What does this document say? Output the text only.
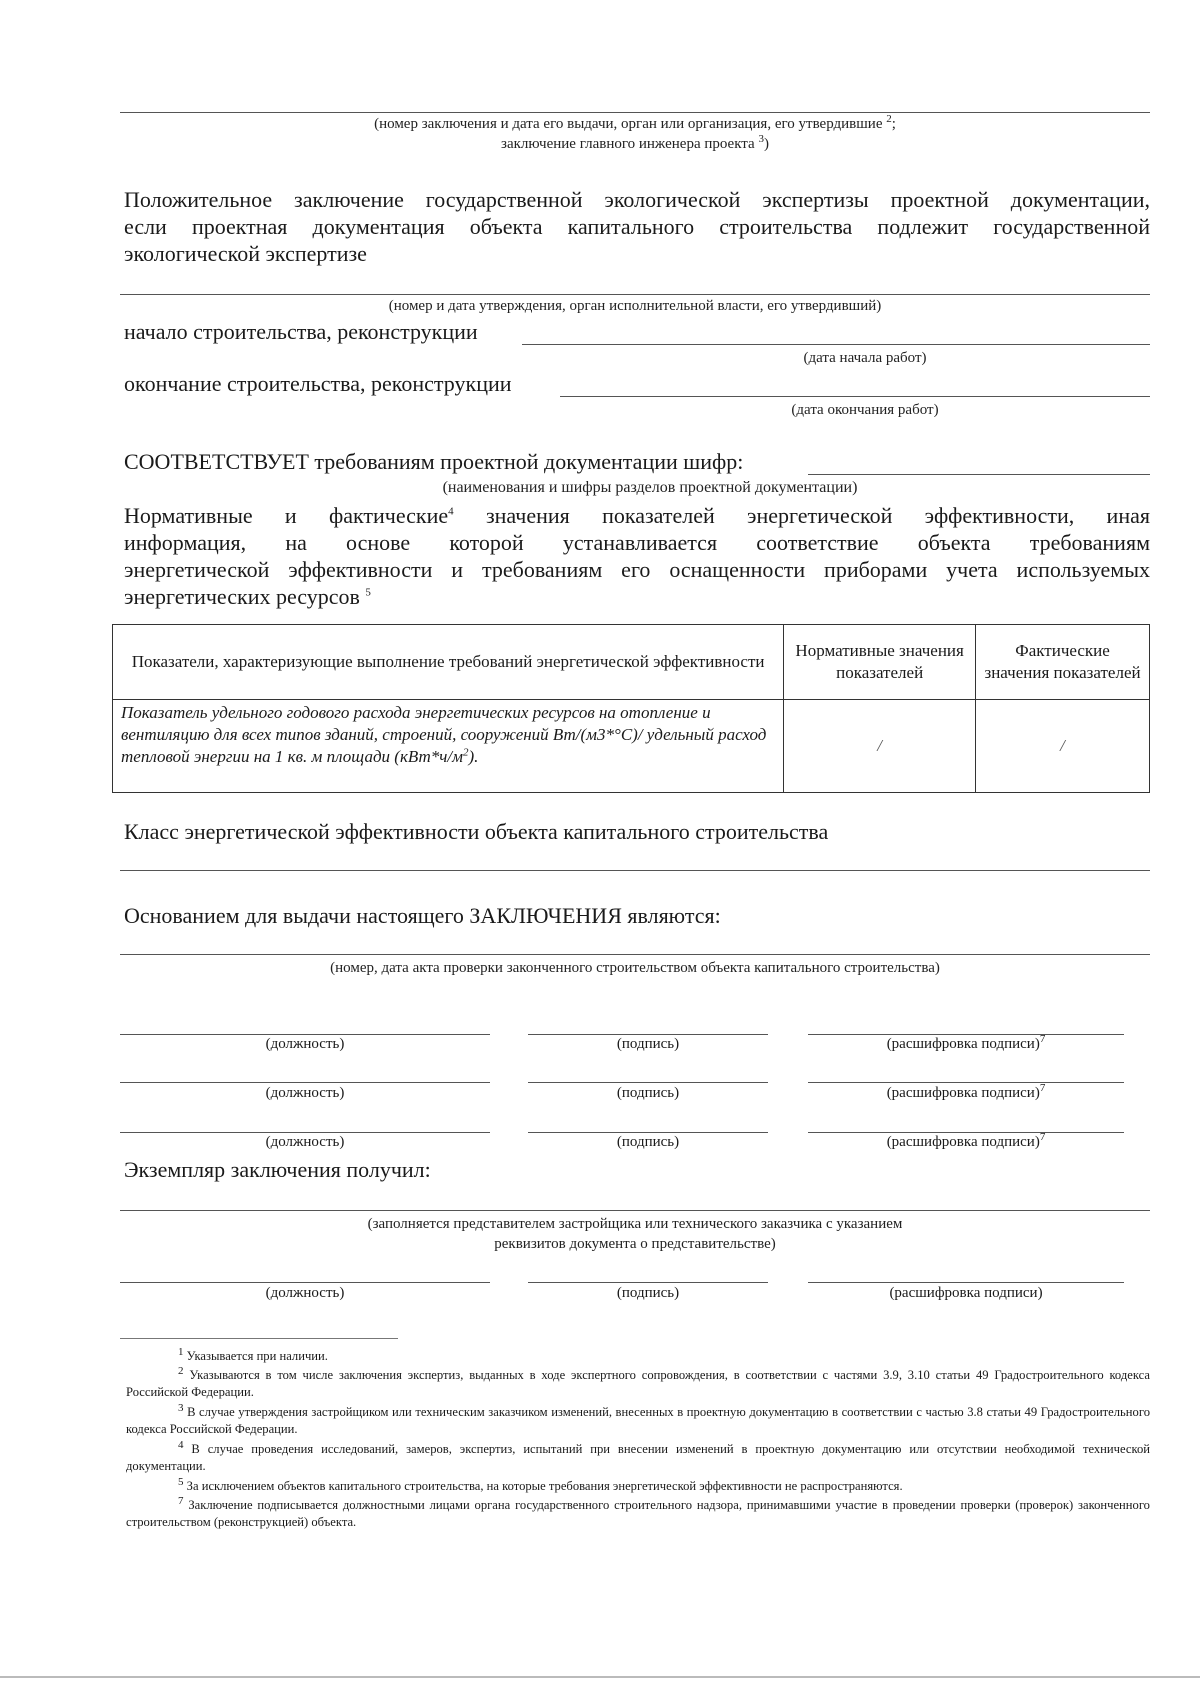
(номер заключения и дата его выдачи, орган или организация, его утвердившие $^2$;
заключение главного инженера проекта $^3$)
Положительное заключение государственной экологической экспертизы проектной документации,
если проектная документация объекта капитального строительства подлежит государственной
экологической экспертизе
(номер и дата утверждения, орган исполнительной власти, его утвердивший)
начало строительства, реконструкции
(дата начала работ)
окончание строительства, реконструкции
(дата окончания работ)
СООТВЕТСТВУЕТ требованиям проектной документации шифр:
(наименования и шифры разделов проектной документации)
Нормативные и фактические$^4$ значения показателей энергетической эффективности, иная
информация, на основе которой устанавливается соответствие объекта требованиям
энергетической эффективности и требованиям его оснащенности приборами учета используемых
энергетических ресурсов $^5$
Показатели, характеризующие выполнение требований энергетической эффективности	Нормативные значения показателей	Фактические значения показателей
Показатель удельного годового расхода энергетических ресурсов на отопление и вентиляцию для всех типов зданий, строений, сооружений Вт/(м3*°С)/ удельный расход тепловой энергии на 1 кв. м площади $(кВт*ч/м^2)$.	/	/
Класс энергетической эффективности объекта капитального строительства
Основанием для выдачи настоящего ЗАКЛЮЧЕНИЯ являются:
(номер, дата акта проверки законченного строительством объекта капитального строительства)
(должность)	(подпись)	(расшифровка подписи)$^7$
(должность)	(подпись)	(расшифровка подписи)$^7$
(должность)	(подпись)	(расшифровка подписи)$^7$
Экземпляр заключения получил:
(заполняется представителем застройщика или технического заказчика с указанием
реквизитов документа о представительстве)
(должность)	(подпись)	(расшифровка подписи)
$^1$ Указывается при наличии.
$^2$ Указываются в том числе заключения экспертиз, выданных в ходе экспертного сопровождения, в соответствии с частями 3.9, 3.10 статьи 49 Градостроительного кодекса Российской Федерации.
$^3$ В случае утверждения застройщиком или техническим заказчиком изменений, внесенных в проектную документацию в соответствии с частью 3.8 статьи 49 Градостроительного кодекса Российской Федерации.
$^4$ В случае проведения исследований, замеров, экспертиз, испытаний при внесении изменений в проектную документацию или отсутствии необходимой технической документации.
$^5$ За исключением объектов капитального строительства, на которые требования энергетической эффективности не распространяются.
$^7$ Заключение подписывается должностными лицами органа государственного строительного надзора, принимавшими участие в проведении проверки (проверок) законченного строительством (реконструкцией) объекта.
